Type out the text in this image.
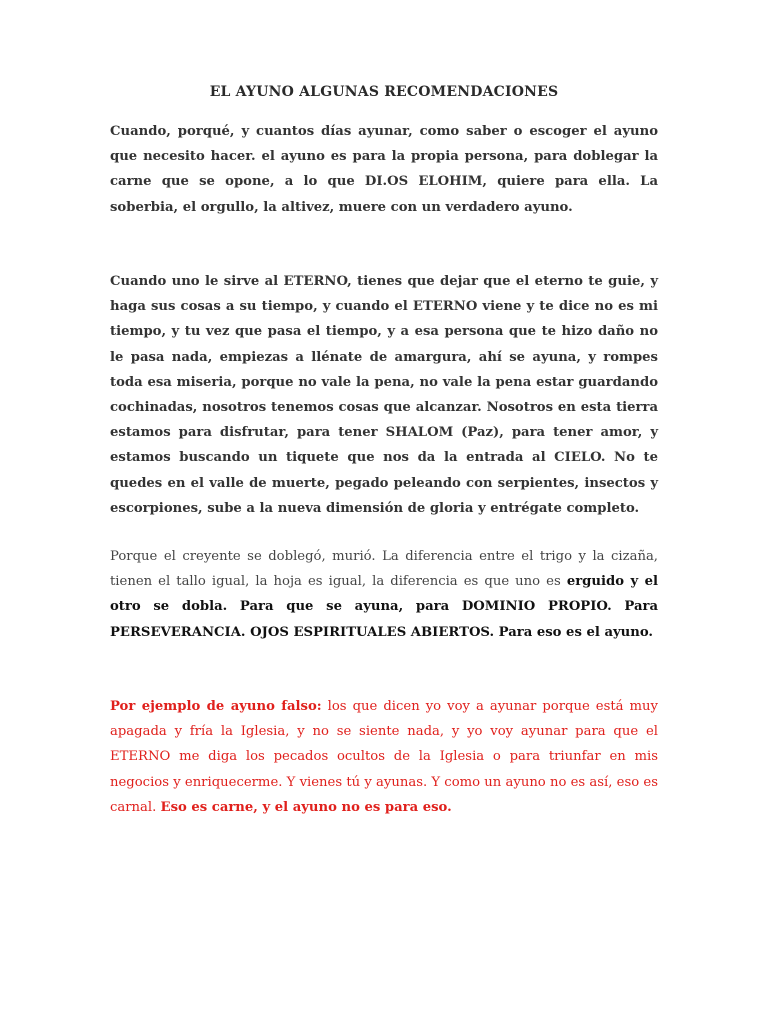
EL AYUNO ALGUNAS RECOMENDACIONES

Cuando, porqué, y cuantos días ayunar, como saber o escoger el ayuno que necesito hacer. el ayuno es para la propia persona, para doblegar la carne que se opone, a lo que DI.OS ELOHIM, quiere para ella. La soberbia, el orgullo, la altivez, muere con un verdadero ayuno.

Cuando uno le sirve al ETERNO, tienes que dejar que el eterno te guie, y haga sus cosas a su tiempo, y cuando el ETERNO viene y te dice no es mi tiempo, y tu vez que pasa el tiempo, y a esa persona que te hizo daño no le pasa nada, empiezas a llénate de amargura, ahí se ayuna, y rompes toda esa miseria, porque no vale la pena, no vale la pena estar guardando cochinadas, nosotros tenemos cosas que alcanzar. Nosotros en esta tierra estamos para disfrutar, para tener SHALOM (Paz), para tener amor, y estamos buscando un tiquete que nos da la entrada al CIELO. No te quedes en el valle de muerte, pegado peleando con serpientes, insectos y escorpiones, sube a la nueva dimensión de gloria y entrégate completo.

Porque el creyente se doblegó, murió. La diferencia entre el trigo y la cizaña, tienen el tallo igual, la hoja es igual, la diferencia es que uno es erguido y el otro se dobla. Para que se ayuna, para DOMINIO PROPIO. Para PERSEVERANCIA. OJOS ESPIRITUALES ABIERTOS. Para eso es el ayuno.

Por ejemplo de ayuno falso: los que dicen yo voy a ayunar porque está muy apagada y fría la Iglesia, y no se siente nada, y yo voy ayunar para que el ETERNO me diga los pecados ocultos de la Iglesia o para triunfar en mis negocios y enriquecerme. Y vienes tú y ayunas. Y como un ayuno no es así, eso es carnal. Eso es carne, y el ayuno no es para eso.
